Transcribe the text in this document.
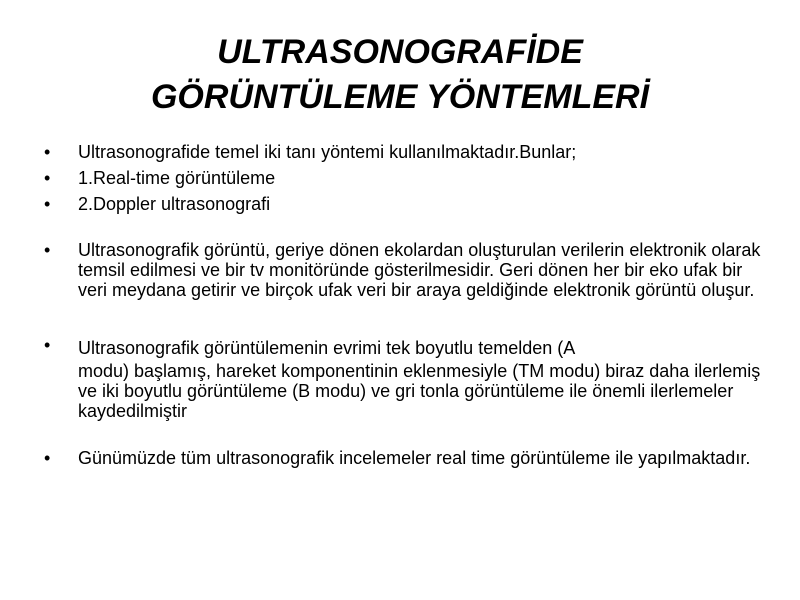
ULTRASONOGRAFİDE
GÖRÜNTÜLEME YÖNTEMLERİ
• Ultrasonografide temel iki tanı yöntemi kullanılmaktadır.Bunlar;
• 1.Real-time görüntüleme
• 2.Doppler ultrasonografi
• Ultrasonografik görüntü, geriye dönen ekolardan oluşturulan verilerin elektronik olarak temsil edilmesi ve bir tv monitöründe gösterilmesidir. Geri dönen her bir eko ufak bir veri meydana getirir ve birçok ufak veri bir araya geldiğinde elektronik görüntü oluşur.
• Ultrasonografik görüntülemenin evrimi tek boyutlu temelden (A
modu) başlamış, hareket komponentinin eklenmesiyle (TM modu) biraz daha ilerlemiş ve iki boyutlu görüntüleme (B modu) ve gri tonla görüntüleme ile önemli ilerlemeler kaydedilmiştir
• Günümüzde tüm ultrasonografik incelemeler real time görüntüleme ile yapılmaktadır.
